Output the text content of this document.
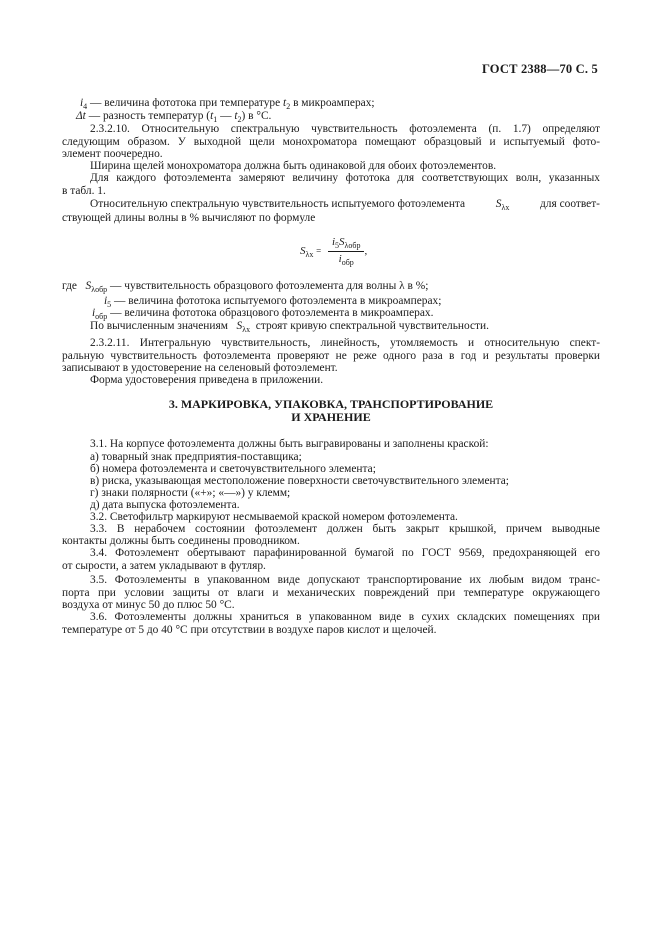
ГОСТ 2388—70 С. 5
$i_4$ — величина фототока при температуре $t_2$ в микроамперах;
Δt — разность температур ($t_1$ — $t_2$) в °C.
2.3.2.10. Относительную спектральную чувствительность фотоэлемента (п. 1.7) определяют
следующим образом. У выходной щели монохроматора помещают образцовый и испытуемый фото-
элемент поочередно.
Ширина щелей монохроматора должна быть одинаковой для обоих фотоэлементов.
Для каждого фотоэлемента замеряют величину фототока для соответствующих волн, указанных
в табл. 1.
Относительную спектральную чувствительность испытуемого фотоэлемента	$S_{\lambda x}$	для соответ-
ствующей длины волны в % вычисляют по формуле
$S_{\lambda x} = \frac{i_5S_{\lambda обр}}{i_{обр}}$ ,
где $S_{\lambda обр}$ — чувствительность образцового фотоэлемента для волны λ в %;
$i_5$ — величина фототока испытуемого фотоэлемента в микроамперах;
$i_{обр}$ — величина фототока образцового фотоэлемента в микроамперах.
По вычисленным значениям $S_{\lambda x}$ строят кривую спектральной чувствительности.
2.3.2.11. Интегральную чувствительность, линейность, утомляемость и относительную спект-
ральную чувствительность фотоэлемента проверяют не реже одного раза в год и результаты проверки
записывают в удостоверение на селеновый фотоэлемент.
Форма удостоверения приведена в приложении.
3. МАРКИРОВКА, УПАКОВКА, ТРАНСПОРТИРОВАНИЕ
И ХРАНЕНИЕ
3.1. На корпусе фотоэлемента должны быть выгравированы и заполнены краской:
а) товарный знак предприятия-поставщика;
б) номера фотоэлемента и светочувствительного элемента;
в) риска, указывающая местоположение поверхности светочувствительного элемента;
г) знаки полярности («+»; «—») у клемм;
д) дата выпуска фотоэлемента.
3.2. Светофильтр маркируют несмываемой краской номером фотоэлемента.
3.3. В нерабочем состоянии фотоэлемент должен быть закрыт крышкой, причем выводные
контакты должны быть соединены проводником.
3.4. Фотоэлемент обертывают парафинированной бумагой по ГОСТ 9569, предохраняющей его
от сырости, а затем укладывают в футляр.
3.5. Фотоэлементы в упакованном виде допускают транспортирование их любым видом транс-
порта при условии защиты от влаги и механических повреждений при температуре окружающего
воздуха от минус 50 до плюс 50 °C.
3.6. Фотоэлементы должны храниться в упакованном виде в сухих складских помещениях при
температуре от 5 до 40 °C при отсутствии в воздухе паров кислот и щелочей.
